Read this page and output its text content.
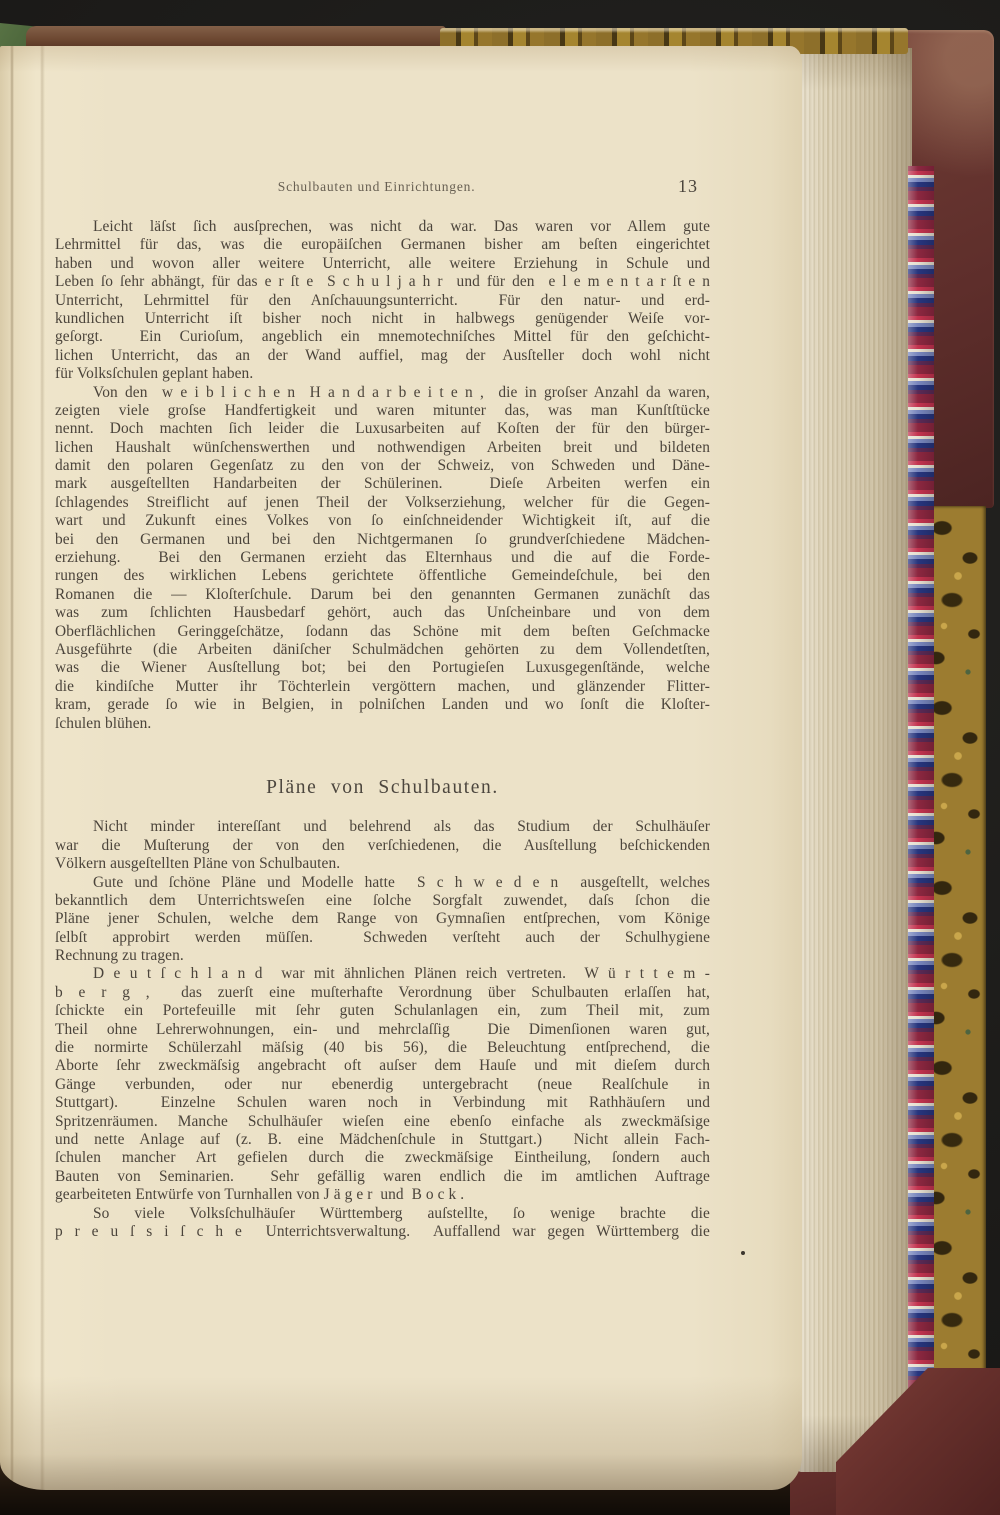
Schulbauten und Einrichtungen.	13
Leicht läſst ſich ausſprechen, was nicht da war. Das waren vor Allem gute
Lehrmittel für das, was die europäiſchen Germanen bisher am beſten eingerichtet
haben und wovon aller weitere Unterricht, alle weitere Erziehung in Schule und
Leben ſo ſehr abhängt, für das e r ſt e  S c h u l j a h r  und für den  e l e m e n t a r ſt e n
Unterricht, Lehrmittel für den Anſchauungsunterricht.  Für den natur- und erd-
kundlichen Unterricht iſt bisher noch nicht in halbwegs genügender Weiſe vor-
geſorgt.  Ein Curioſum, angeblich ein mnemotechniſches Mittel für den geſchicht-
lichen Unterricht, das an der Wand auffiel, mag der Ausſteller doch wohl nicht
für Volksſchulen geplant haben.
Von den  w e i b l i c h e n  H a n d a r b e i t e n ,  die in groſser Anzahl da waren,
zeigten viele groſse Handfertigkeit und waren mitunter das, was man Kunſtſtücke
nennt. Doch machten ſich leider die Luxusarbeiten auf Koſten der für den bürger-
lichen Haushalt wünſchenswerthen und nothwendigen Arbeiten breit und bildeten
damit den polaren Gegenſatz zu den von der Schweiz, von Schweden und Däne-
mark ausgeſtellten Handarbeiten der Schülerinen.  Dieſe Arbeiten werfen ein
ſchlagendes Streiflicht auf jenen Theil der Volkserziehung, welcher für die Gegen-
wart und Zukunft eines Volkes von ſo einſchneidender Wichtigkeit iſt, auf die
bei den Germanen und bei den Nichtgermanen ſo grundverſchiedene Mädchen-
erziehung.  Bei den Germanen erzieht das Elternhaus und die auf die Forde-
rungen des wirklichen Lebens gerichtete öffentliche Gemeindeſchule, bei den
Romanen die — Kloſterſchule. Darum bei den genannten Germanen zunächſt das
was zum ſchlichten Hausbedarf gehört, auch das Unſcheinbare und von dem
Oberflächlichen Geringgeſchätze, ſodann das Schöne mit dem beſten Geſchmacke
Ausgeführte (die Arbeiten däniſcher Schulmädchen gehörten zu dem Vollendetſten,
was die Wiener Ausſtellung bot; bei den Portugieſen Luxusgegenſtände, welche
die kindiſche Mutter ihr Töchterlein vergöttern machen, und glänzender Flitter-
kram, gerade ſo wie in Belgien, in polniſchen Landen und wo ſonſt die Kloſter-
ſchulen blühen.
Pläne von Schulbauten.
Nicht minder intereſſant und belehrend als das Studium der Schulhäuſer
war die Muſterung der von den verſchiedenen, die Ausſtellung beſchickenden
Völkern ausgeſtellten Pläne von Schulbauten.
Gute und ſchöne Pläne und Modelle hatte  S c h w e d e n  ausgeſtellt, welches
bekanntlich dem Unterrichtsweſen eine ſolche Sorgfalt zuwendet, daſs ſchon die
Pläne jener Schulen, welche dem Range von Gymnaſien entſprechen, vom Könige
ſelbſt approbirt werden müſſen.  Schweden verſteht auch der Schulhygiene
Rechnung zu tragen.
D e u t ſ c h l a n d  war mit ähnlichen Plänen reich vertreten.  W ü r t t e m -
b e r g ,  das zuerſt eine muſterhafte Verordnung über Schulbauten erlaſſen hat,
ſchickte ein Portefeuille mit ſehr guten Schulanlagen ein, zum Theil mit, zum
Theil ohne Lehrerwohnungen, ein- und mehrclaſſig  Die Dimenſionen waren gut,
die normirte Schülerzahl mäſsig (40 bis 56), die Beleuchtung entſprechend, die
Aborte ſehr zweckmäſsig angebracht oft auſser dem Hauſe und mit dieſem durch
Gänge verbunden, oder nur ebenerdig untergebracht (neue Realſchule in
Stuttgart).  Einzelne Schulen waren noch in Verbindung mit Rathhäuſern und
Spritzenräumen. Manche Schulhäuſer wieſen eine ebenſo einfache als zweckmäſsige
und nette Anlage auf (z. B. eine Mädchenſchule in Stuttgart.)  Nicht allein Fach-
ſchulen mancher Art gefielen durch die zweckmäſsige Eintheilung, ſondern auch
Bauten von Seminarien.  Sehr gefällig waren endlich die im amtlichen Auftrage
gearbeiteten Entwürfe von Turnhallen von J ä g e r  und  B o c k .
So viele Volksſchulhäuſer Württemberg auſstellte, ſo wenige brachte die
p r e u ſ s i ſ c h e  Unterrichtsverwaltung.  Auffallend war gegen Württemberg die
